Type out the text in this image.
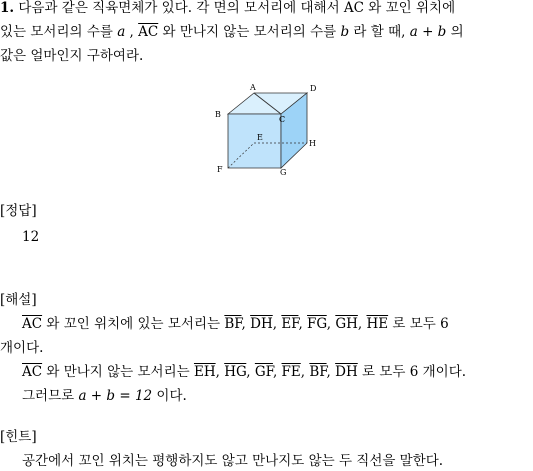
1. 다음과 같은 직육면체가 있다. 각 면의 모서리에 대해서 $\overline{AC}$ 와 꼬인 위치에
있는 모서리의 수를 a , $\overline{AC}$ 와 만나지 않는 모서리의 수를 b 라 할 때, a + b 의
값은 얼마인지 구하여라.
A
B
C
D
E
F	G
H
[정답]
12
[해설]
$\overline{AC}$ 와 꼬인 위치에 있는 모서리는 $\overline{BF}$, $\overline{DH}$, $\overline{EF}$, $\overline{FG}$, $\overline{GH}$, $\overline{HE}$ 로 모두 6
개이다.
$\overline{AC}$ 와 만나지 않는 모서리는 $\overline{EH}$, $\overline{HG}$, $\overline{GF}$, $\overline{FE}$, $\overline{BF}$, $\overline{DH}$ 로 모두 6 개이다.
그러므로 a + b = 12 이다.
[힌트]
공간에서 꼬인 위치는 평행하지도 않고 만나지도 않는 두 직선을 말한다.
